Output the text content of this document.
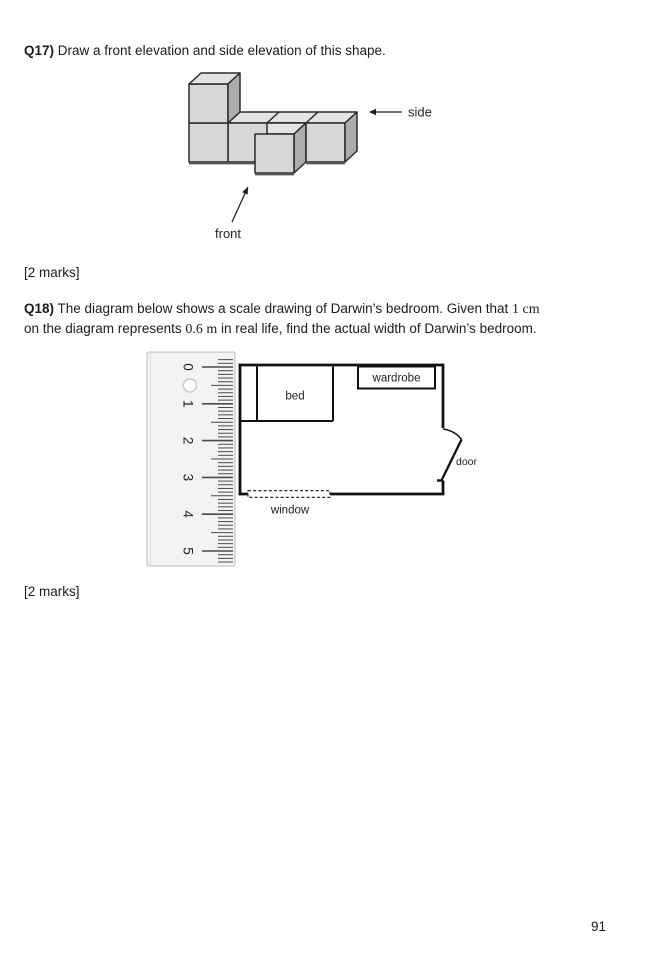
Q17) Draw a front elevation and side elevation of this shape.
side
front
[2 marks]
Q18) The diagram below shows a scale drawing of Darwin’s bedroom. Given that 1 cm
on the diagram represents 0.6 m in real life, find the actual width of Darwin’s bedroom.
0
1
2
3
4
5
bed
wardrobe
door
window
[2 marks]
91
